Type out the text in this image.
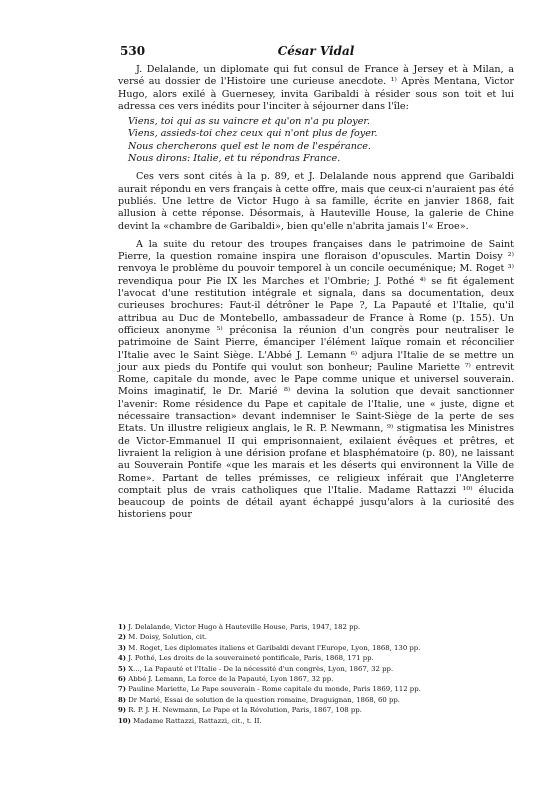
530	César Vidal

J. Delalande, un diplomate qui fut consul de France à Jersey et à Milan, a versé au dossier de l'Histoire une curieuse anecdote. ¹⁾ Après Mentana, Victor Hugo, alors exilé à Guernesey, invita Garibaldi à résider sous son toit et lui adressa ces vers inédits pour l'inciter à séjourner dans l'île:

Viens, toi qui as su vaincre et qu'on n'a pu ployer.
Viens, assieds-toi chez ceux qui n'ont plus de foyer.
Nous chercherons quel est le nom de l'espérance.
Nous dirons: Italie, et tu répondras France.

Ces vers sont cités à la p. 89, et J. Delalande nous apprend que Garibaldi aurait répondu en vers français à cette offre, mais que ceux-ci n'auraient pas été publiés. Une lettre de Victor Hugo à sa famille, écrite en janvier 1868, fait allusion à cette réponse. Désormais, à Hauteville House, la galerie de Chine devint la «chambre de Garibaldi», bien qu'elle n'abrita jamais l'« Eroe».

A la suite du retour des troupes françaises dans le patrimoine de Saint Pierre, la question romaine inspira une floraison d'opuscules. Martin Doisy ²⁾ renvoya le problème du pouvoir temporel à un concile oecuménique; M. Roget ³⁾ revendiqua pour Pie IX les Marches et l'Ombrie; J. Pothé ⁴⁾ se fit également l'avocat d'une restitution intégrale et signala, dans sa documentation, deux curieuses brochures: Faut-il détrôner le Pape ?, La Papauté et l'Italie, qu'il attribua au Duc de Montebello, ambassadeur de France à Rome (p. 155). Un officieux anonyme ⁵⁾ préconisa la réunion d'un congrès pour neutraliser le patrimoine de Saint Pierre, émanciper l'élément laïque romain et réconcilier l'Italie avec le Saint Siège. L'Abbé J. Lemann ⁶⁾ adjura l'Italie de se mettre un jour aux pieds du Pontife qui voulut son bonheur; Pauline Mariette ⁷⁾ entrevit Rome, capitale du monde, avec le Pape comme unique et universel souverain. Moins imaginatif, le Dr. Marié ⁸⁾ devina la solution que devait sanctionner l'avenir: Rome résidence du Pape et capitale de l'Italie, une « juste, digne et nécessaire transaction» devant indemniser le Saint-Siège de la perte de ses Etats. Un illustre religieux anglais, le R. P. Newmann, ⁹⁾ stigmatisa les Ministres de Victor-Emmanuel II qui emprisonnaient, exilaient évêques et prêtres, et livraient la religion à une dérision profane et blasphématoire (p. 80), ne laissant au Souverain Pontife «que les marais et les déserts qui environnent la Ville de Rome». Partant de telles prémisses, ce religieux inférait que l'Angleterre comptait plus de vrais catholiques que l'Italie. Madame Rattazzi ¹⁰⁾ élucida beaucoup de points de détail ayant échappé jusqu'alors à la curiosité des historiens pour

1) J. Delalande, Victor Hugo à Hauteville House, Paris, 1947, 182 pp.
2) M. Doisy, Solution, cit.
3) M. Roget, Les diplomates italiens et Garibaldi devant l'Europe, Lyon, 1868, 130 pp.
4) J. Pothé, Les droits de la souveraineté pontificale, Paris, 1868, 171 pp.
5) X..., La Papauté et l'Italie - De la nécessité d'un congrès, Lyon, 1867, 32 pp.
6) Abbé J. Lemann, La force de la Papauté, Lyon 1867, 32 pp.
7) Pauline Mariette, Le Pape souverain - Rome capitale du monde, Paris 1869, 112 pp.
8) Dr Marié, Essai de solution de la question romaine, Draguignan, 1868, 60 pp.
9) R. P. J. H. Newmann, Le Pape et la Révolution, Paris, 1867, 108 pp.
10) Madame Rattazzi, Rattazzi, cit., t. II.
